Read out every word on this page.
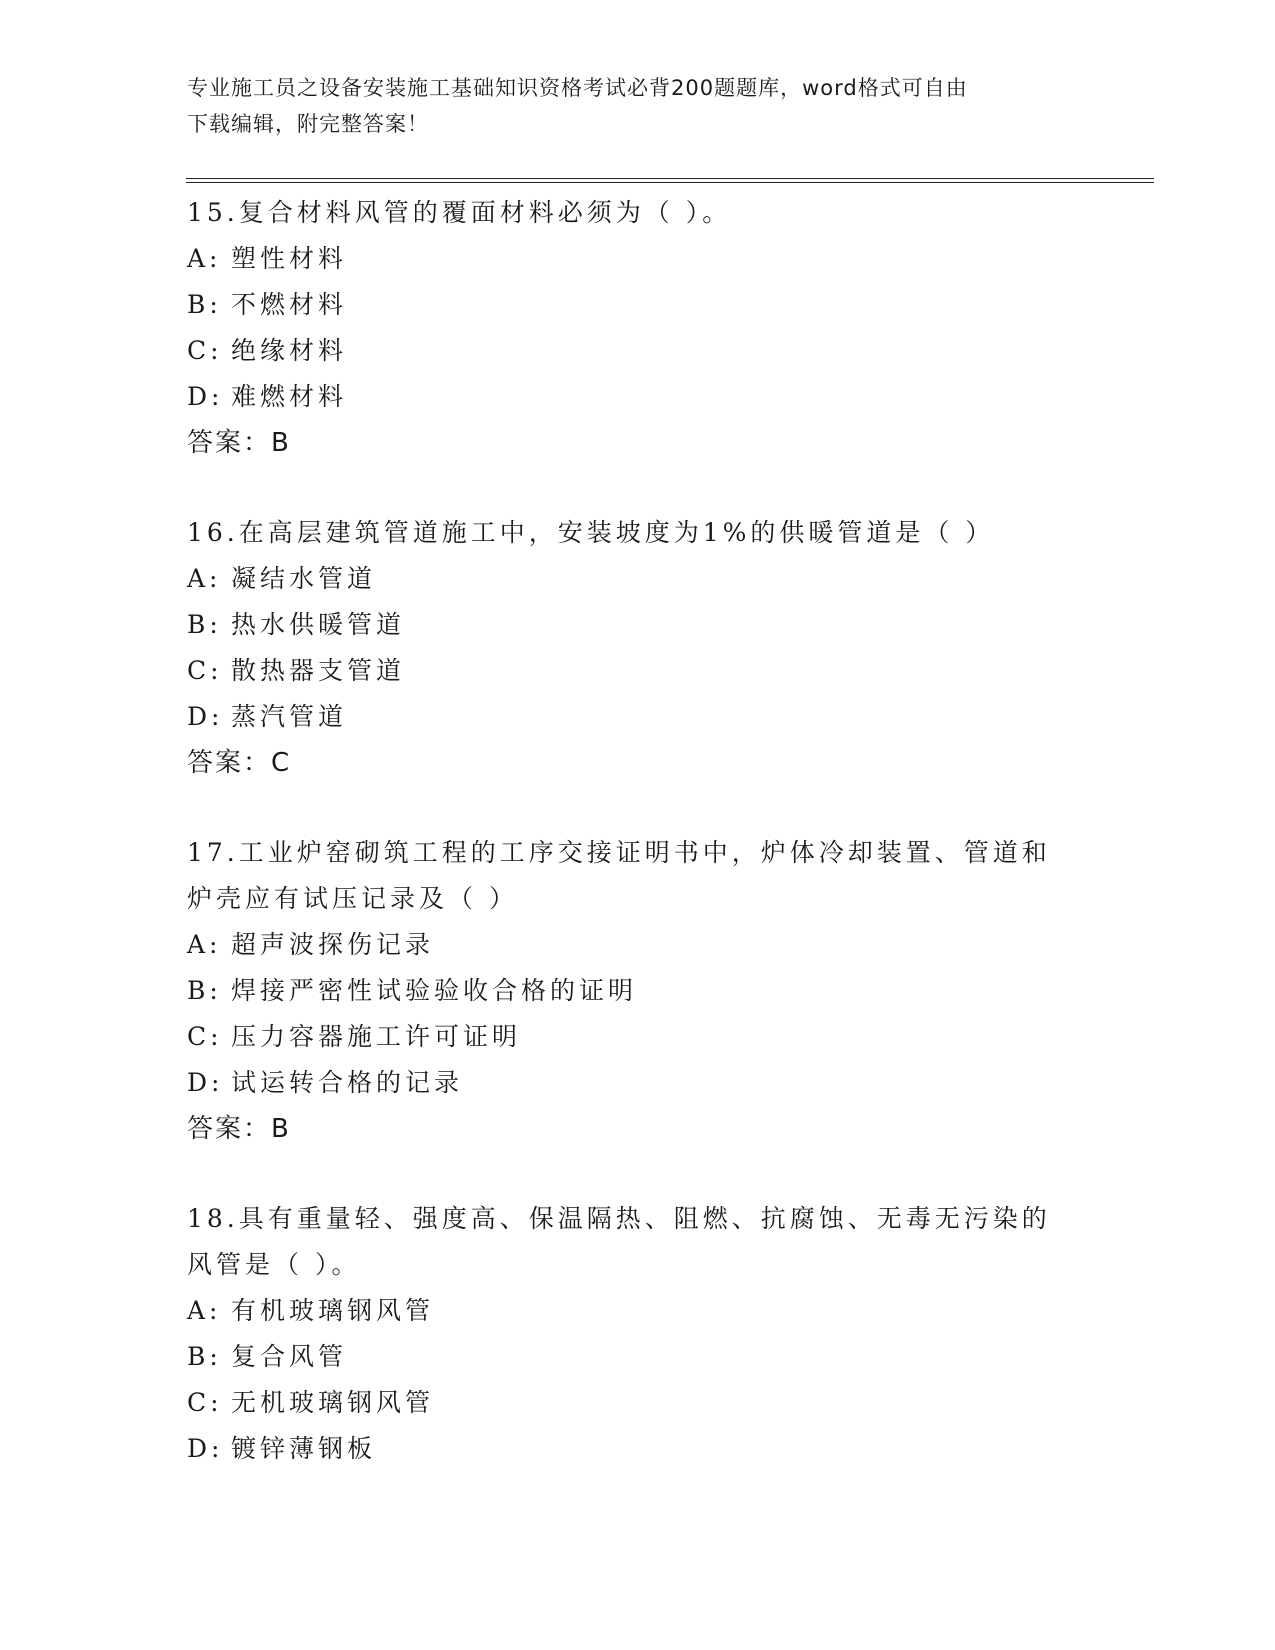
专业施工员之设备安装施工基础知识资格考试必背200题题库，word格式可自由
下载编辑，附完整答案！
15.复合材料风管的覆面材料必须为（ ）。
A: 塑性材料
B: 不燃材料
C: 绝缘材料
D: 难燃材料
答案：B
16.在高层建筑管道施工中，安装坡度为1%的供暖管道是（ ）
A: 凝结水管道
B: 热水供暖管道
C: 散热器支管道
D: 蒸汽管道
答案：C
17.工业炉窑砌筑工程的工序交接证明书中，炉体冷却装置、管道和炉壳应有试压记录及（ ）
A: 超声波探伤记录
B: 焊接严密性试验验收合格的证明
C: 压力容器施工许可证明
D: 试运转合格的记录
答案：B
18.具有重量轻、强度高、保温隔热、阻燃、抗腐蚀、无毒无污染的风管是（ ）。
A: 有机玻璃钢风管
B: 复合风管
C: 无机玻璃钢风管
D: 镀锌薄钢板
